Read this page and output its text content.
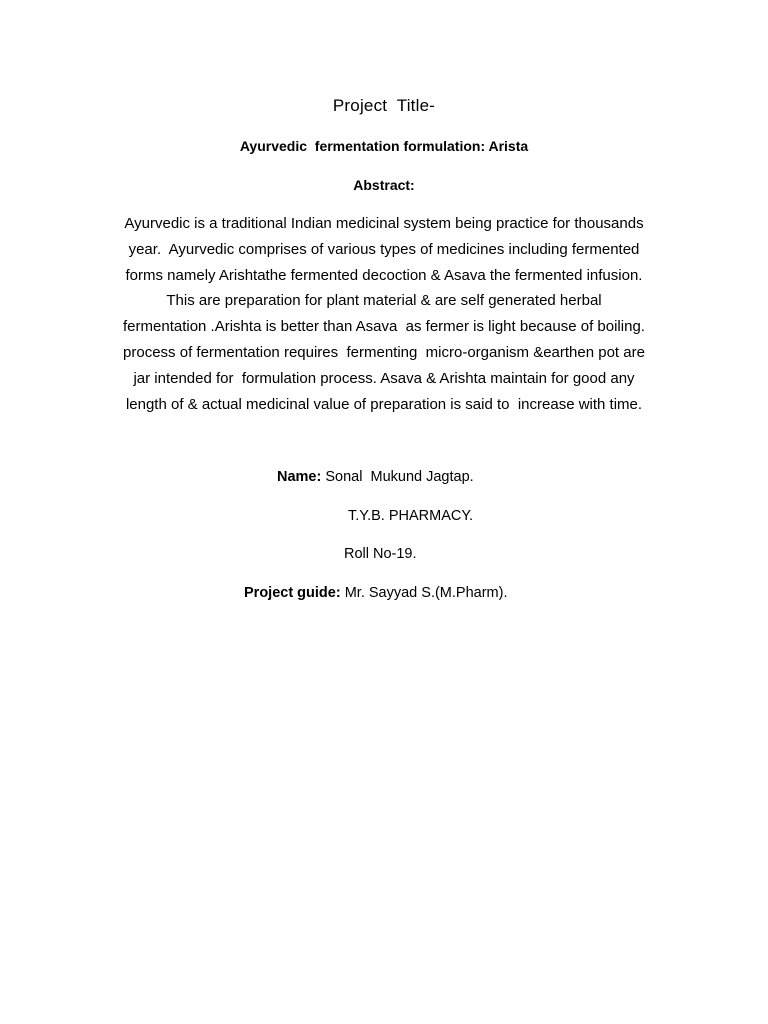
Project  Title-
Ayurvedic  fermentation formulation: Arista
Abstract:
Ayurvedic is a traditional Indian medicinal system being practice for thousands
year.  Ayurvedic comprises of various types of medicines including fermented
forms namely Arishtathe fermented decoction & Asava the fermented infusion.
This are preparation for plant material & are self generated herbal
fermentation .Arishta is better than Asava  as fermer is light because of boiling.
process of fermentation requires  fermenting  micro-organism &earthen pot are
jar intended for  formulation process. Asava & Arishta maintain for good any
length of & actual medicinal value of preparation is said to  increase with time.
Name: Sonal  Mukund Jagtap.
T.Y.B. PHARMACY.
Roll No-19.
Project guide: Mr. Sayyad S.(M.Pharm).
